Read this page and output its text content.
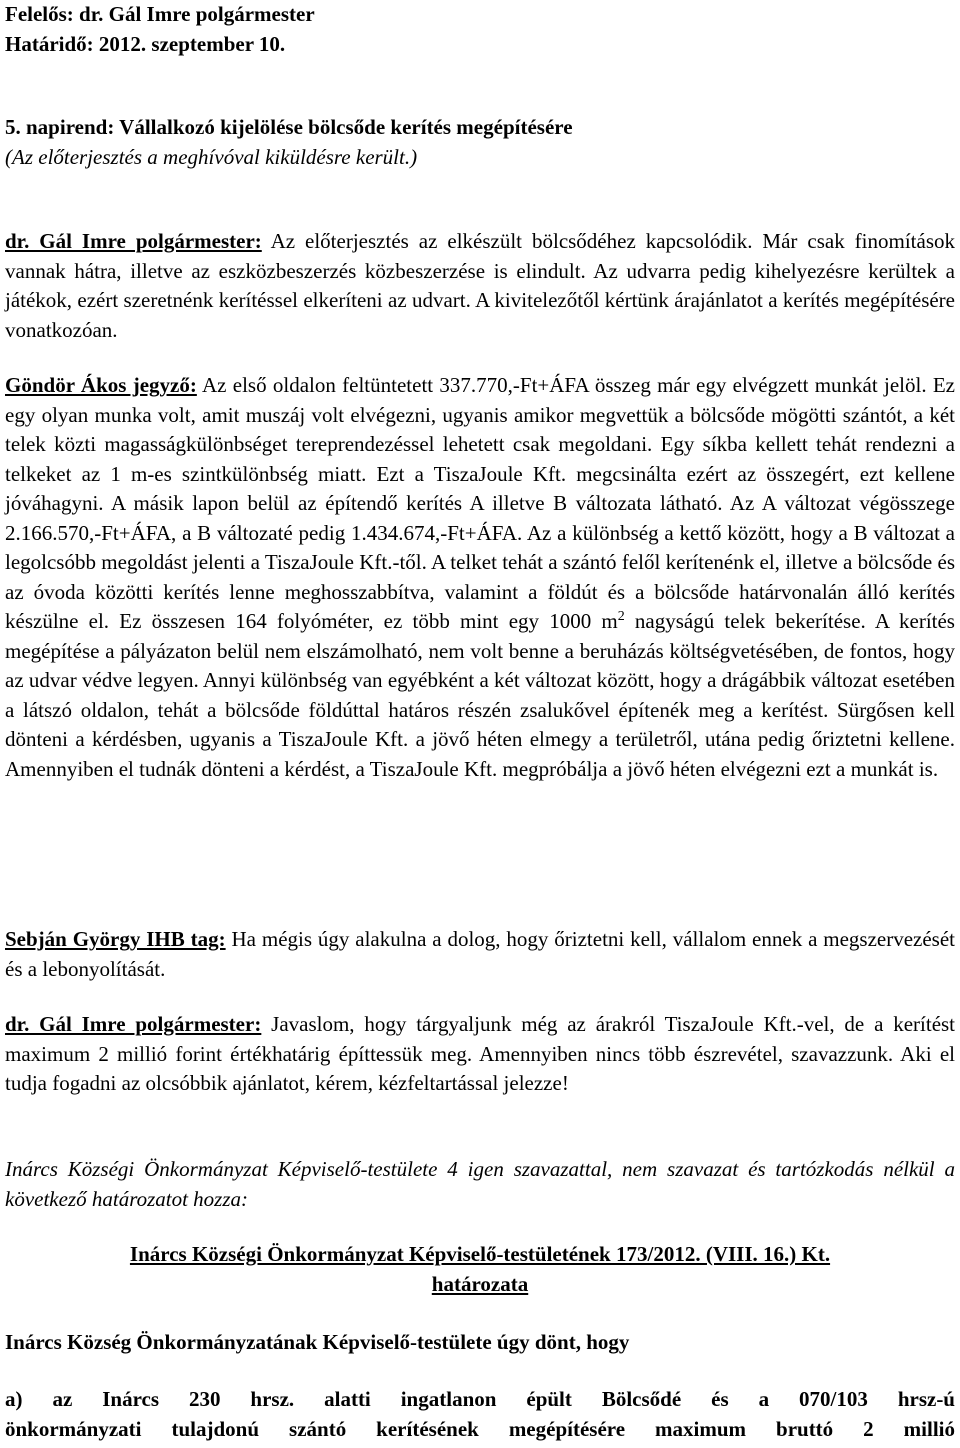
Felelős: dr. Gál Imre polgármester
Határidő: 2012. szeptember 10.
5. napirend: Vállalkozó kijelölése bölcsőde kerítés megépítésére
(Az előterjesztés a meghívóval kiküldésre került.)

dr. Gál Imre polgármester: Az előterjesztés az elkészült bölcsődéhez kapcsolódik. Már csak finomítások vannak hátra, illetve az eszközbeszerzés közbeszerzése is elindult. Az udvarra pedig kihelyezésre kerültek a játékok, ezért szeretnénk kerítéssel elkeríteni az udvart. A kivitelezőtől kértünk árajánlatot a kerítés megépítésére vonatkozóan.

Göndör Ákos jegyző: Az első oldalon feltüntetett 337.770,-Ft+ÁFA összeg már egy elvégzett munkát jelöl. Ez egy olyan munka volt, amit muszáj volt elvégezni, ugyanis amikor megvettük a bölcsőde mögötti szántót, a két telek közti magasságkülönbséget tereprendezéssel lehetett csak megoldani. Egy síkba kellett tehát rendezni a telkeket az 1 m-es szintkülönbség miatt. Ezt a TiszaJoule Kft. megcsinálta ezért az összegért, ezt kellene jóváhagyni. A másik lapon belül az építendő kerítés A illetve B változata látható. Az A változat végösszege 2.166.570,-Ft+ÁFA, a B változaté pedig 1.434.674,-Ft+ÁFA. Az a különbség a kettő között, hogy a B változat a legolcsóbb megoldást jelenti a TiszaJoule Kft.-től. A telket tehát a szántó felől kerítenénk el, illetve a bölcsőde és az óvoda közötti kerítés lenne meghosszabbítva, valamint a földút és a bölcsőde határvonalán álló kerítés készülne el. Ez összesen 164 folyóméter, ez több mint egy 1000 $m^2$ nagyságú telek bekerítése. A kerítés megépítése a pályázaton belül nem elszámolható, nem volt benne a beruházás költségvetésében, de fontos, hogy az udvar védve legyen. Annyi különbség van egyébként a két változat között, hogy a drágábbik változat esetében a látszó oldalon, tehát a bölcsőde földúttal határos részén zsalukővel építenék meg a kerítést. Sürgősen kell dönteni a kérdésben, ugyanis a TiszaJoule Kft. a jövő héten elmegy a területről, utána pedig őriztetni kellene. Amennyiben el tudnák dönteni a kérdést, a TiszaJoule Kft. megpróbálja a jövő héten elvégezni ezt a munkát is.

Sebján György IHB tag: Ha mégis úgy alakulna a dolog, hogy őriztetni kell, vállalom ennek a megszervezését és a lebonyolítását.

dr. Gál Imre polgármester: Javaslom, hogy tárgyaljunk még az árakról TiszaJoule Kft.-vel, de a kerítést maximum 2 millió forint értékhatárig építtessük meg. Amennyiben nincs több észrevétel, szavazzunk. Aki el tudja fogadni az olcsóbbik ajánlatot, kérem, kézfeltartással jelezze!

Inárcs Községi Önkormányzat Képviselő-testülete 4 igen szavazattal, nem szavazat és tartózkodás nélkül a következő határozatot hozza:

Inárcs Községi Önkormányzat Képviselő-testületének 173/2012. (VIII. 16.) Kt.
határozata
Inárcs Község Önkormányzatának Képviselő-testülete úgy dönt, hogy
a) az Inárcs 230 hrsz. alatti ingatlanon épült Bölcsődé és a 070/103 hrsz-ú
önkormányzati tulajdonú szántó kerítésének megépítésére maximum bruttó 2 millió
